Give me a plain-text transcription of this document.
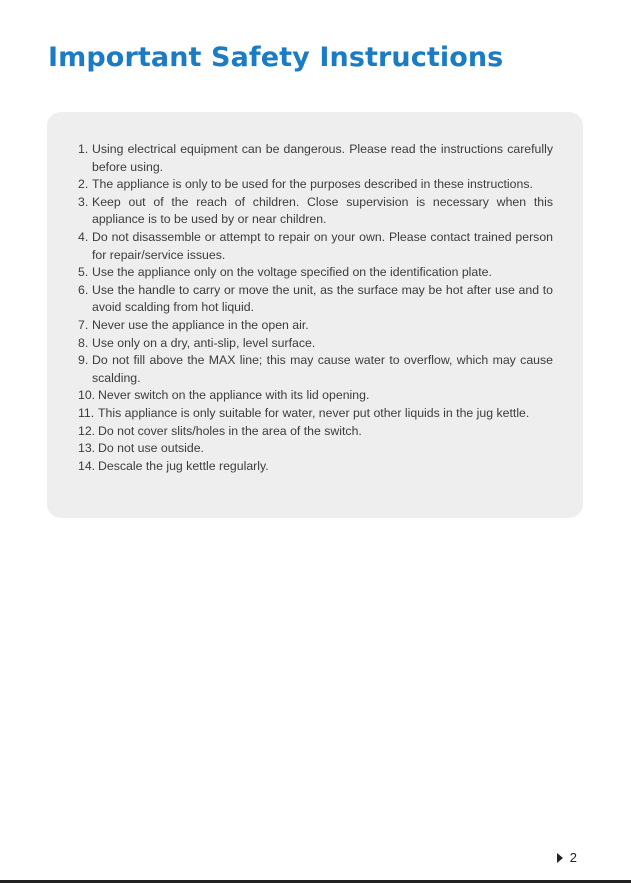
Important Safety Instructions
1. Using electrical equipment can be dangerous. Please read the instructions carefully before using.
2. The appliance is only to be used for the purposes described in these instructions.
3. Keep out of the reach of children. Close supervision is necessary when this appliance is to be used by or near children.
4. Do not disassemble or attempt to repair on your own. Please contact trained person for repair/service issues.
5. Use the appliance only on the voltage specified on the identification plate.
6. Use the handle to carry or move the unit, as the surface may be hot after use and to avoid scalding from hot liquid.
7. Never use the appliance in the open air.
8. Use only on a dry, anti-slip, level surface.
9. Do not fill above the MAX line; this may cause water to overflow, which may cause scalding.
10. Never switch on the appliance with its lid opening.
11. This appliance is only suitable for water, never put other liquids in the jug kettle.
12. Do not cover slits/holes in the area of the switch.
13. Do not use outside.
14. Descale the jug kettle regularly.
2
